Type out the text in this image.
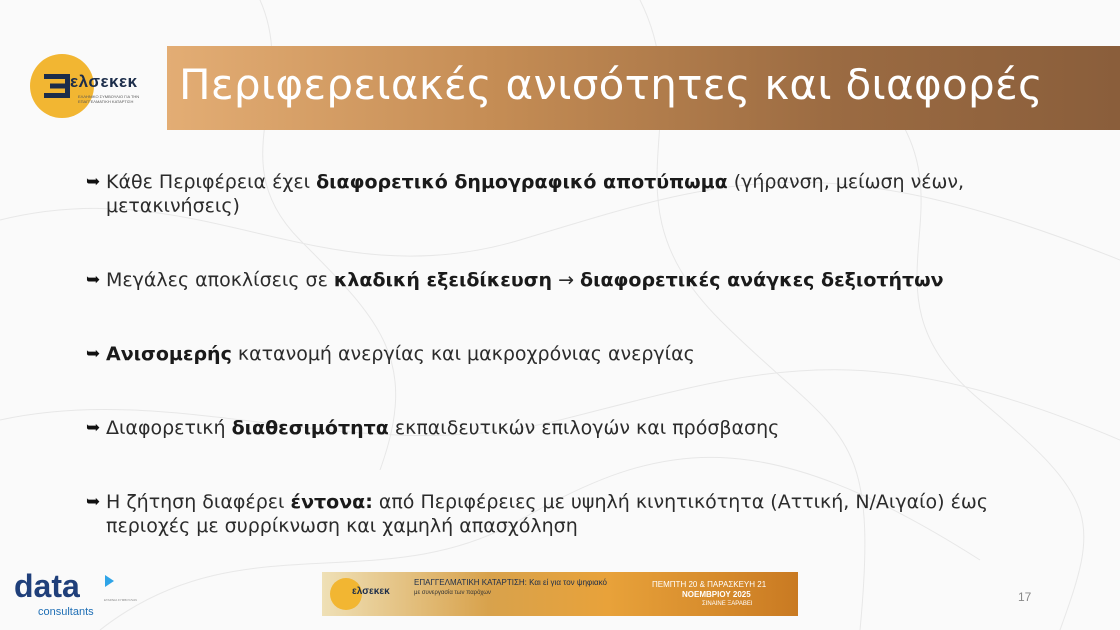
ελσεκεκ
ΕΛΛΗΝΙΚΟ ΣΥΜΒΟΥΛΙΟ ΓΙΑ ΤΗΝ ΕΠΑΓΓΕΛΜΑΤΙΚΗ ΚΑΤΑΡΤΙΣΗ	Περιφερειακές ανισότητες και διαφορές
➥ Κάθε Περιφέρεια έχει διαφορετικό δημογραφικό αποτύπωμα (γήρανση, μείωση νέων, μετακινήσεις)
➥ Μεγάλες αποκλίσεις σε κλαδική εξειδίκευση → διαφορετικές ανάγκες δεξιοτήτων
➥ Ανισομερής κατανομή ανεργίας και μακροχρόνιας ανεργίας
➥ Διαφορετική διαθεσιμότητα εκπαιδευτικών επιλογών και πρόσβασης
➥ Η ζήτηση διαφέρει έντονα: από Περιφέρειες με υψηλή κινητικότητα (Αττική, Ν/Αιγαίο) έως περιοχές με συρρίκνωση και χαμηλή απασχόληση
data
consultants
ΕΤΑΙΡΕΙΑ ΣΥΜΒΟΥΛΩΝ
ελσεκεκ
ΕΠΑΓΓΕΛΜΑΤΙΚΗ ΚΑΤΑΡΤΙΣΗ: Και εί για τον ψηφιακό
με συνεργασία των παρόχων
ΠΕΜΠΤΗ 20 & ΠΑΡΑΣΚΕΥΗ 21
ΝΟΕΜΒΡΙΟΥ 2025
ΣΙΝΑΙΝΕ ΞΑΡΑΒΕΙ	17
